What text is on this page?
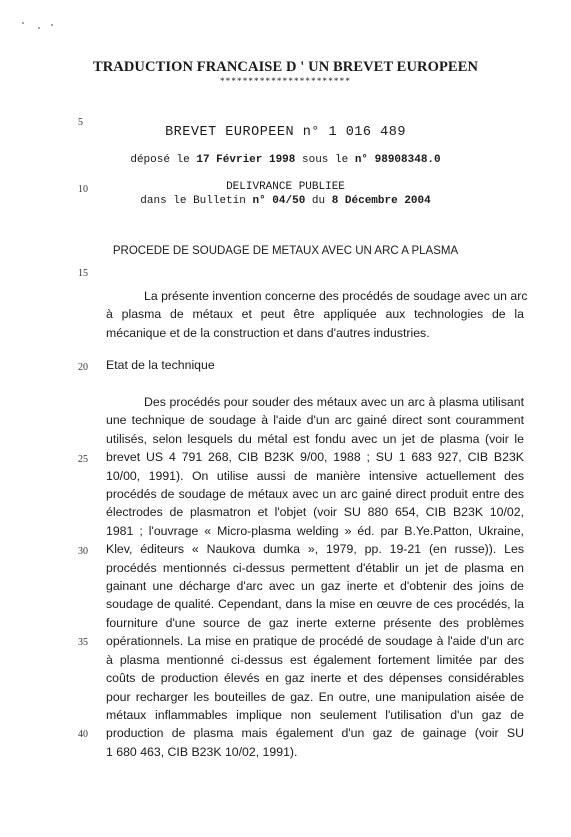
TRADUCTION FRANCAISE D ' UN BREVET EUROPEEN
***********************
5
10
15
20
25
30
35
40
BREVET EUROPEEN n° 1 016 489
déposé le 17 Février 1998 sous le n° 98908348.0
DELIVRANCE PUBLIEE
dans le Bulletin n° 04/50 du 8 Décembre 2004
PROCEDE DE SOUDAGE DE METAUX AVEC UN ARC A PLASMA
La présente invention concerne des procédés de soudage avec un arc
à plasma de métaux et peut être appliquée aux technologies de la
mécanique et de la construction et dans d'autres industries.
Etat de la technique
Des procédés pour souder des métaux avec un arc à plasma utilisant
une technique de soudage à l'aide d'un arc gainé direct sont couramment
utilisés, selon lesquels du métal est fondu avec un jet de plasma (voir le
brevet US 4 791 268, CIB B23K 9/00, 1988 ; SU 1 683 927, CIB B23K
10/00, 1991). On utilise aussi de manière intensive actuellement des
procédés de soudage de métaux avec un arc gainé direct produit entre des
électrodes de plasmatron et l'objet (voir SU 880 654, CIB B23K 10/02,
1981 ; l'ouvrage « Micro-plasma welding » éd. par B.Ye.Patton, Ukraine,
Klev, éditeurs « Naukova dumka », 1979, pp. 19-21 (en russe)). Les
procédés mentionnés ci-dessus permettent d'établir un jet de plasma en
gainant une décharge d'arc avec un gaz inerte et d'obtenir des joins de
soudage de qualité. Cependant, dans la mise en œuvre de ces procédés, la
fourniture d'une source de gaz inerte externe présente des problèmes
opérationnels. La mise en pratique de procédé de soudage à l'aide d'un arc
à plasma mentionné ci-dessus est également fortement limitée par des
coûts de production élevés en gaz inerte et des dépenses considérables
pour recharger les bouteilles de gaz. En outre, une manipulation aisée de
métaux inflammables implique non seulement l'utilisation d'un gaz de
production de plasma mais également d'un gaz de gainage (voir SU
1 680 463, CIB B23K 10/02, 1991).
